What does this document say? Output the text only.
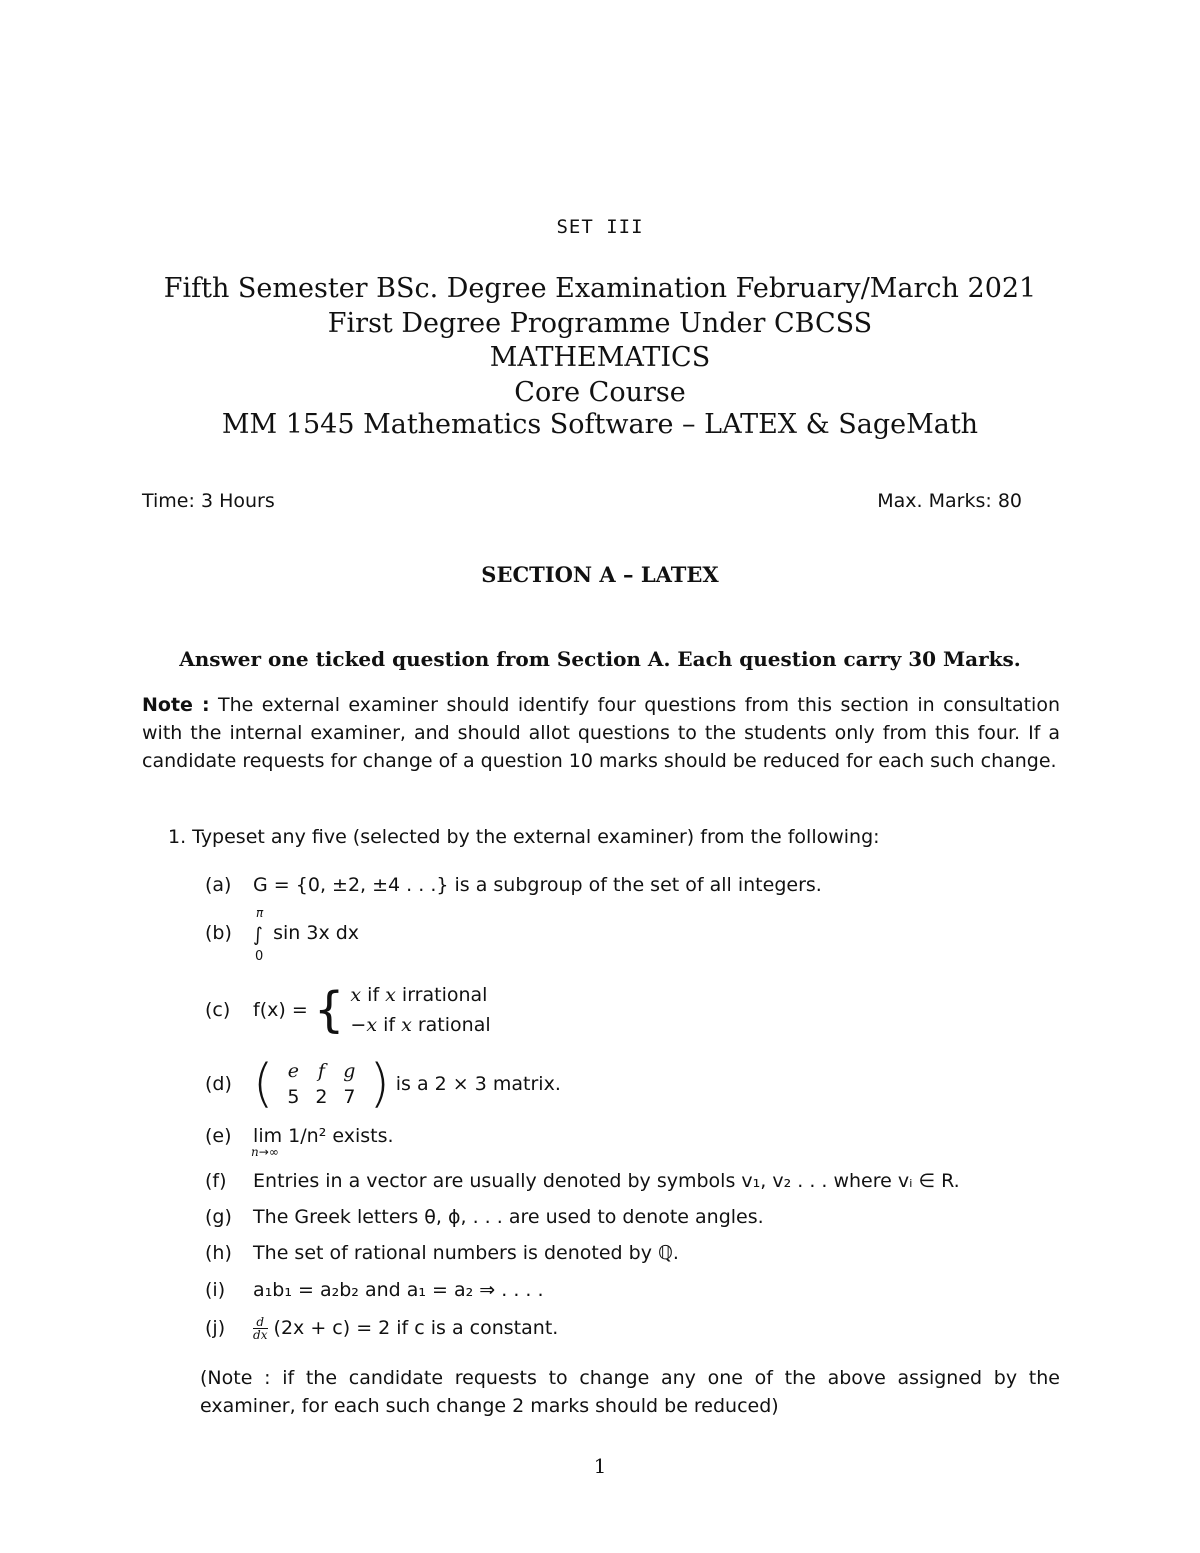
SET III
Fifth Semester BSc. Degree Examination February/March 2021
First Degree Programme Under CBCSS
MATHEMATICS
Core Course
MM 1545 Mathematics Software – LATEX & SageMath
Time: 3 Hours	Max. Marks: 80
SECTION A – LATEX
Answer one ticked question from Section A. Each question carry 30 Marks.
Note : The external examiner should identify four questions from this section in consultation with the internal examiner, and should allot questions to the students only from this four. If a candidate requests for change of a question 10 marks should be reduced for each such change.
1. Typeset any five (selected by the external examiner) from the following:
(a) G = {0, ±2, ±4 . . .} is a subgroup of the set of all integers.
(b)
π
∫
0
sin 3x dx
(c) f(x) = { x if x irrational
−x if x rational
(d) ( e f g
5 2 7 ) is a 2 × 3 matrix.
(e) lim
n→∞
1/n² exists.
(f) Entries in a vector are usually denoted by symbols v₁, v₂ . . . where vᵢ ∈ R.
(g) The Greek letters θ, ϕ, . . . are used to denote angles.
(h) The set of rational numbers is denoted by ℚ.
(i) a₁b₁ = a₂b₂ and a₁ = a₂ ⇒ . . . .
$(j) \frac{d}{dx} (2x + c) = 2$ if c is a constant.
(Note : if the candidate requests to change any one of the above assigned by the examiner, for each such change 2 marks should be reduced)
1
